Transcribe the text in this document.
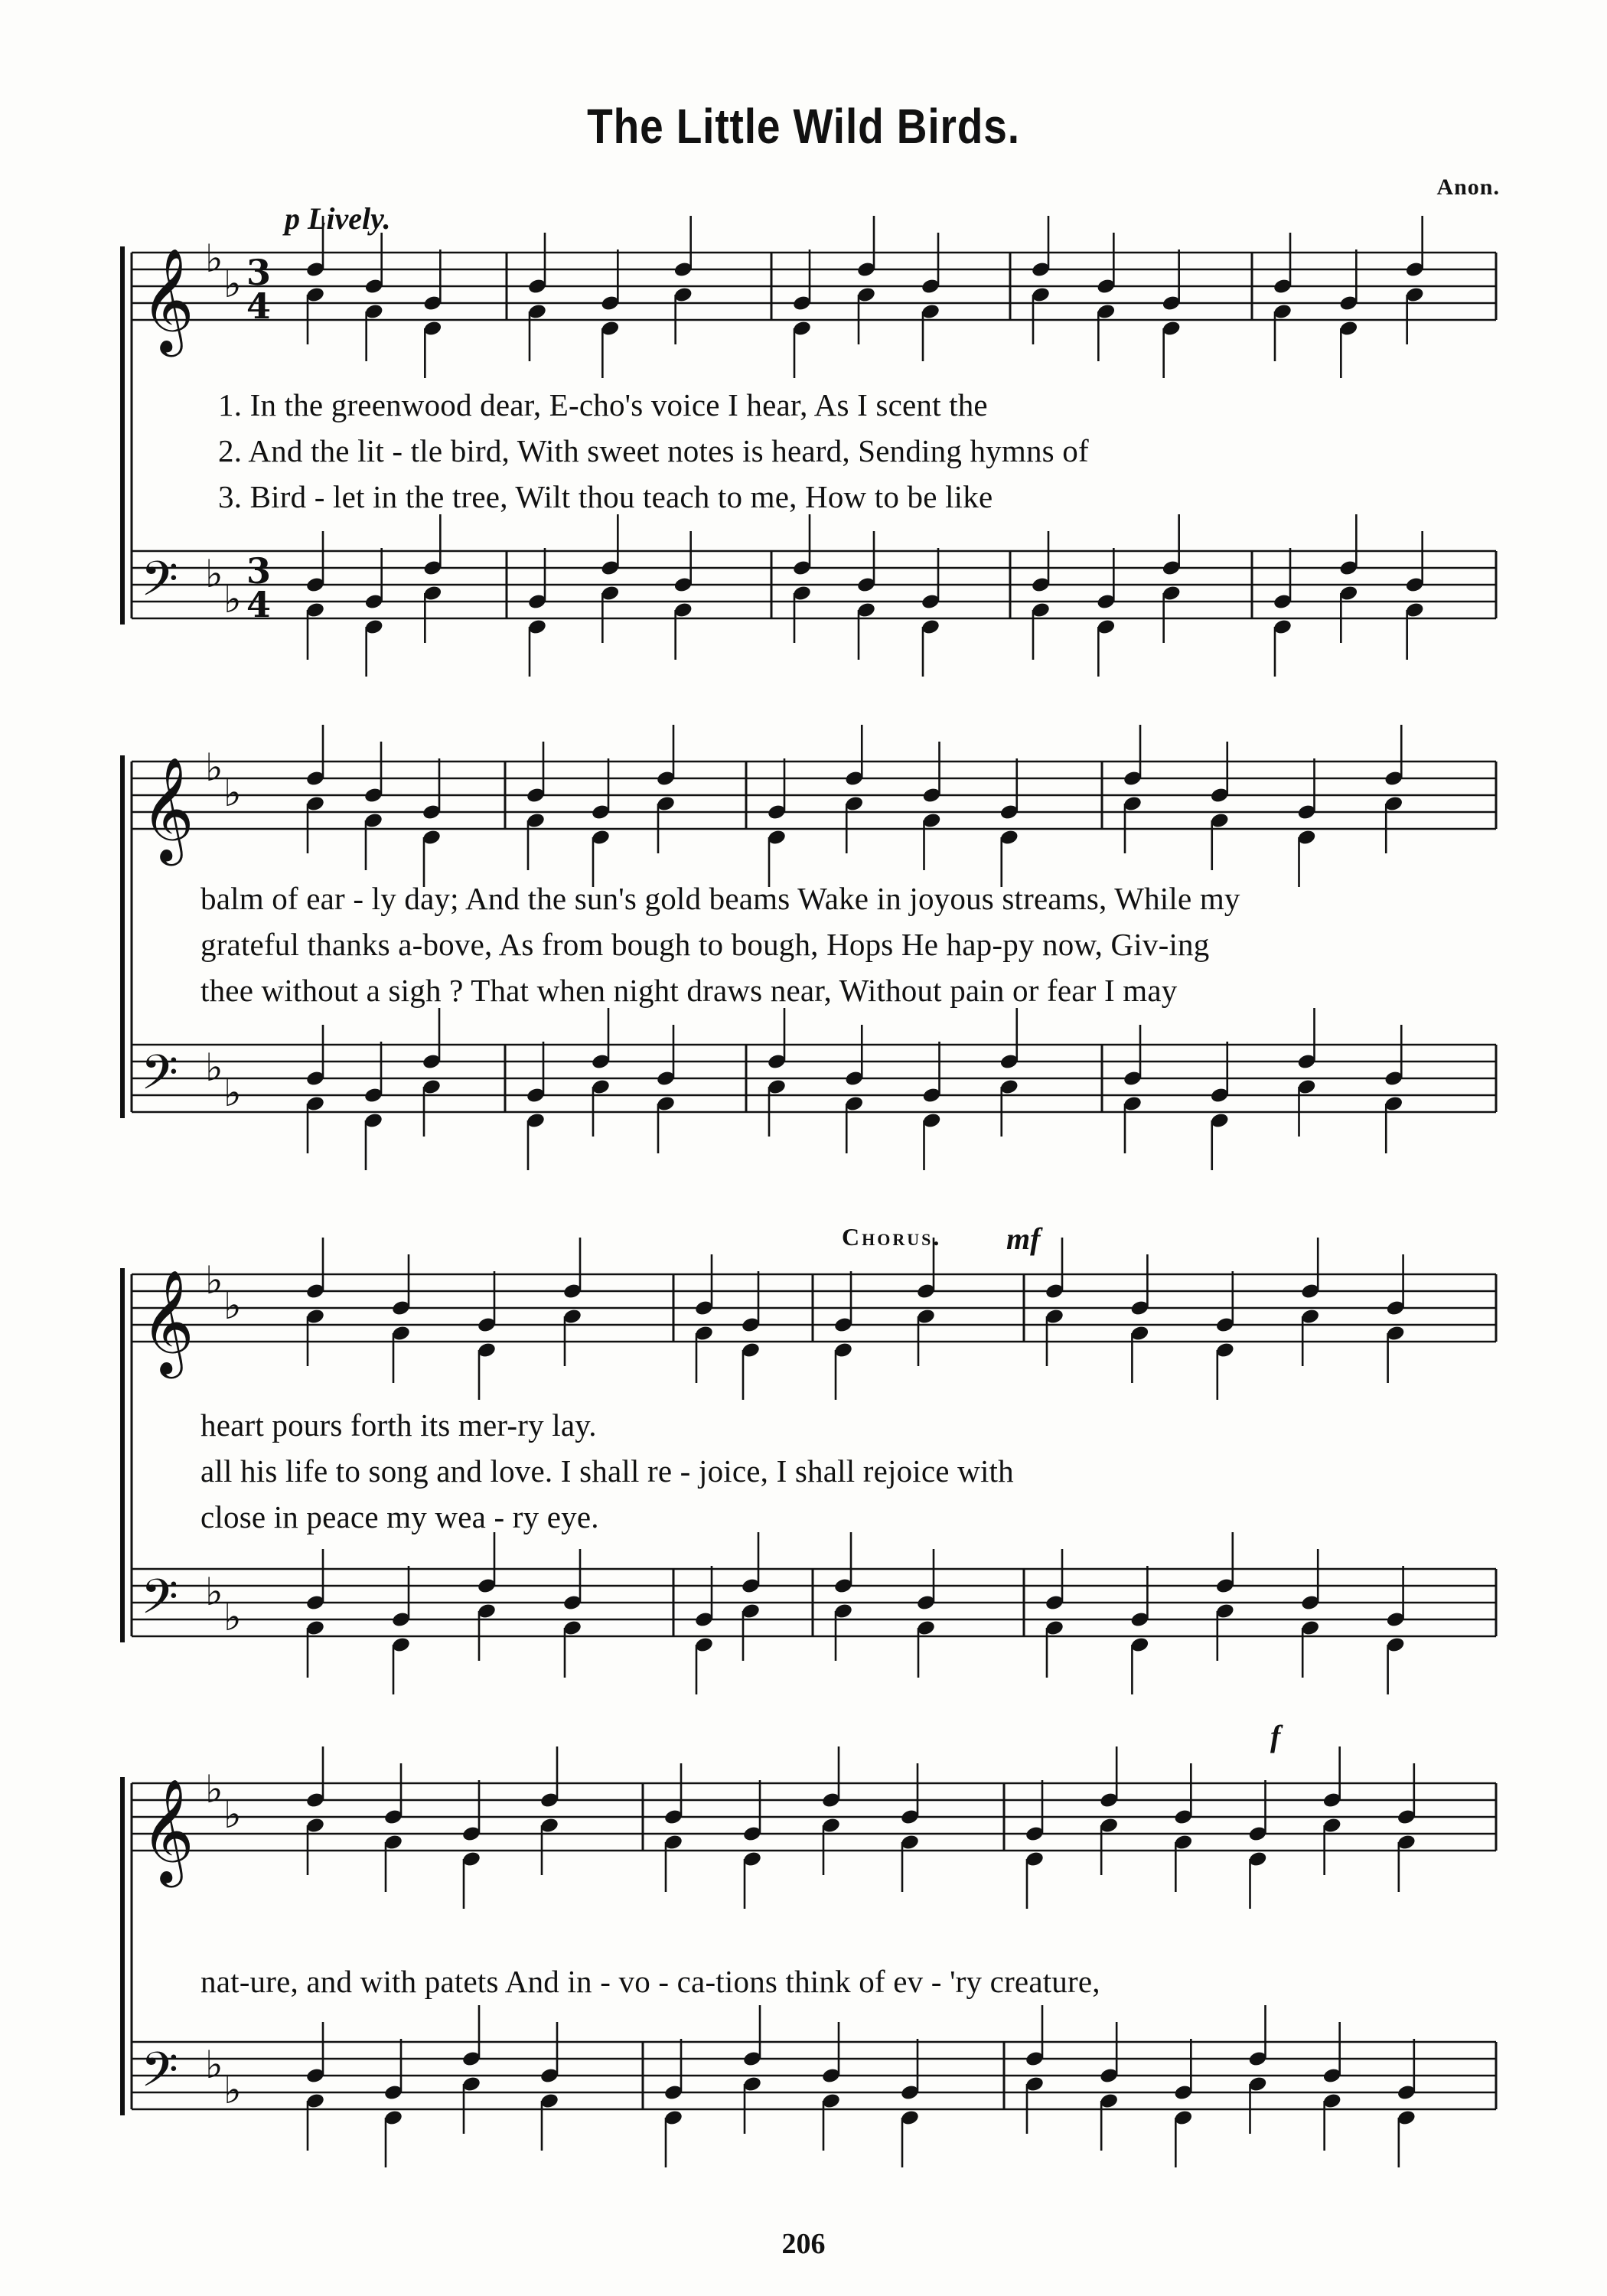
The Little Wild Birds.
Anon.
p Lively.
𝄞 ♭
♭
𝄢 ♭
♭
𝄞 ♭
♭
𝄢 ♭
♭
𝄞 ♭
♭
𝄢 ♭
♭
𝄞 ♭
♭
𝄢 ♭
♭
3
4
3
4
1. In the greenwood dear, E-cho's voice I hear, As I scent the
2. And the lit - tle bird, With sweet notes is heard, Sending hymns of
3. Bird - let in the tree, Wilt thou teach to me, How to be like
balm of ear - ly day; And the sun's gold beams Wake in joyous streams, While my
grateful thanks a-bove, As from bough to bough, Hops He hap-py now, Giv-ing
thee without a sigh ? That when night draws near, Without pain or fear I may
Chorus. mf
heart pours forth its mer-ry lay.
all his life to song and love. I shall re - joice, I shall rejoice with
close in peace my wea - ry eye.
f
nat-ure, and with patets And in - vo - ca-tions think of ev - 'ry creature,
206
